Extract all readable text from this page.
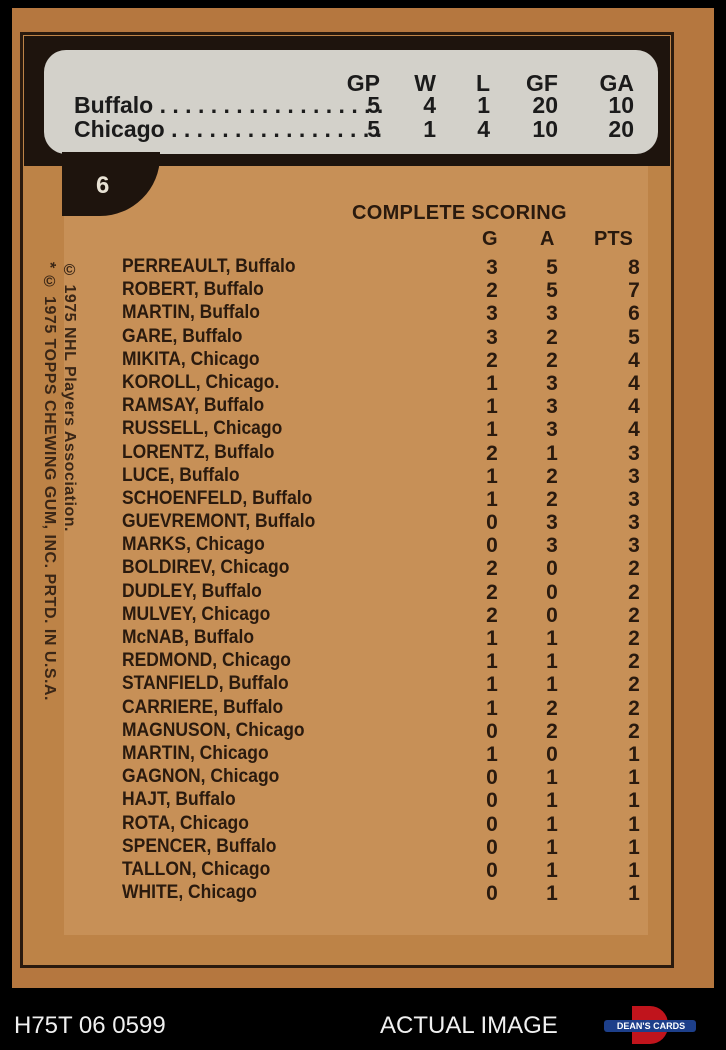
GP	W	L	GF GA
Buffalo . . .	5	4	1	20	10
Chicago . . .	5	1	4	10	20
6
* © 1975 TOPPS CHEWING GUM, INC. PRTD. IN U.S.A. © 1975 NHL Players Association.
COMPLETE SCORING
G A PTS
PERREAULT, Buffalo	3 5	8
ROBERT, Buffalo	2 5	7
MARTIN, Buffalo	3 3	6
GARE, Buffalo	3 2	5
MIKITA, Chicago	2 2	4
KOROLL, Chicago.	1 3	4
RAMSAY, Buffalo	1 3	4
RUSSELL, Chicago	1 3	4
LORENTZ, Buffalo	2 1	3
LUCE, Buffalo	1 2	3
SCHOENFELD, Buffalo	1 2	3
GUEVREMONT, Buffalo	0 3	3
MARKS, Chicago	0 3	3
BOLDIREV, Chicago	2 0	2
DUDLEY, Buffalo	2 0	2
MULVEY, Chicago	2 0	2
McNAB, Buffalo	1 1	2
REDMOND, Chicago	1 1	2
STANFIELD, Buffalo	1 1	2
CARRIERE, Buffalo	1 2	2
MAGNUSON, Chicago	0 2	2
MARTIN, Chicago	1 0	1
GAGNON, Chicago	0 1	1
HAJT, Buffalo	0 1	1
ROTA, Chicago	0 1	1
SPENCER, Buffalo	0 1	1
TALLON, Chicago	0 1	1
WHITE, Chicago	0 1	1
H75T 06 0599	ACTUAL IMAGE	DEAN'S CARDS
